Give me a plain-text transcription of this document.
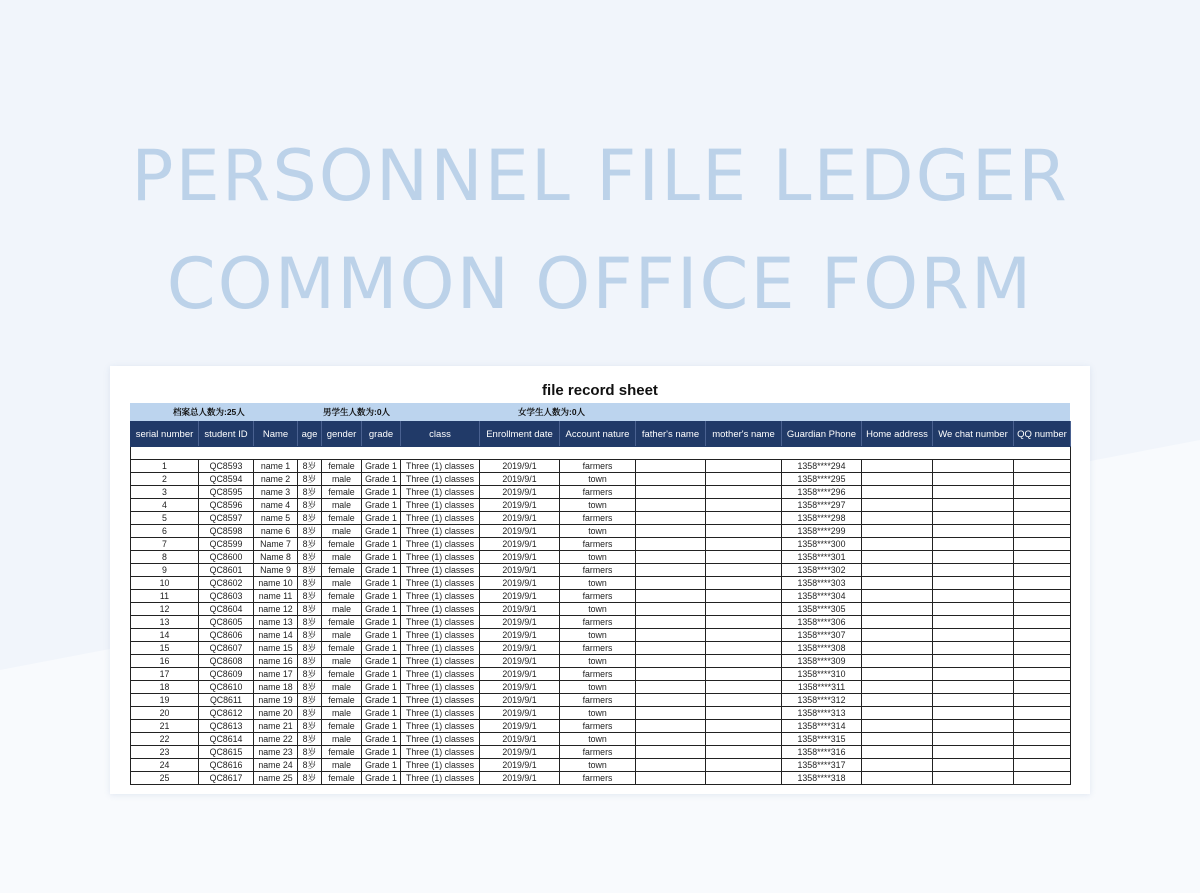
PERSONNEL FILE LEDGER
COMMON OFFICE FORM
file record sheet
档案总人数为:25人	男学生人数为:0人	女学生人数为:0人
serial number	student ID	Name	age	gender	grade	class	Enrollment date	Account nature	father's name	mother's name	Guardian Phone	Home address	We chat number	QQ number

1	QC8593	name 1	8岁	female	Grade 1	Three (1) classes	2019/9/1	farmers			1358****294			
2	QC8594	name 2	8岁	male	Grade 1	Three (1) classes	2019/9/1	town			1358****295			
3	QC8595	name 3	8岁	female	Grade 1	Three (1) classes	2019/9/1	farmers			1358****296			
4	QC8596	name 4	8岁	male	Grade 1	Three (1) classes	2019/9/1	town			1358****297			
5	QC8597	name 5	8岁	female	Grade 1	Three (1) classes	2019/9/1	farmers			1358****298			
6	QC8598	name 6	8岁	male	Grade 1	Three (1) classes	2019/9/1	town			1358****299			
7	QC8599	Name 7	8岁	female	Grade 1	Three (1) classes	2019/9/1	farmers			1358****300			
8	QC8600	Name 8	8岁	male	Grade 1	Three (1) classes	2019/9/1	town			1358****301			
9	QC8601	Name 9	8岁	female	Grade 1	Three (1) classes	2019/9/1	farmers			1358****302			
10	QC8602	name 10	8岁	male	Grade 1	Three (1) classes	2019/9/1	town			1358****303			
11	QC8603	name 11	8岁	female	Grade 1	Three (1) classes	2019/9/1	farmers			1358****304			
12	QC8604	name 12	8岁	male	Grade 1	Three (1) classes	2019/9/1	town			1358****305			
13	QC8605	name 13	8岁	female	Grade 1	Three (1) classes	2019/9/1	farmers			1358****306			
14	QC8606	name 14	8岁	male	Grade 1	Three (1) classes	2019/9/1	town			1358****307			
15	QC8607	name 15	8岁	female	Grade 1	Three (1) classes	2019/9/1	farmers			1358****308			
16	QC8608	name 16	8岁	male	Grade 1	Three (1) classes	2019/9/1	town			1358****309			
17	QC8609	name 17	8岁	female	Grade 1	Three (1) classes	2019/9/1	farmers			1358****310			
18	QC8610	name 18	8岁	male	Grade 1	Three (1) classes	2019/9/1	town			1358****311			
19	QC8611	name 19	8岁	female	Grade 1	Three (1) classes	2019/9/1	farmers			1358****312			
20	QC8612	name 20	8岁	male	Grade 1	Three (1) classes	2019/9/1	town			1358****313			
21	QC8613	name 21	8岁	female	Grade 1	Three (1) classes	2019/9/1	farmers			1358****314			
22	QC8614	name 22	8岁	male	Grade 1	Three (1) classes	2019/9/1	town			1358****315			
23	QC8615	name 23	8岁	female	Grade 1	Three (1) classes	2019/9/1	farmers			1358****316			
24	QC8616	name 24	8岁	male	Grade 1	Three (1) classes	2019/9/1	town			1358****317			
25	QC8617	name 25	8岁	female	Grade 1	Three (1) classes	2019/9/1	farmers			1358****318			
